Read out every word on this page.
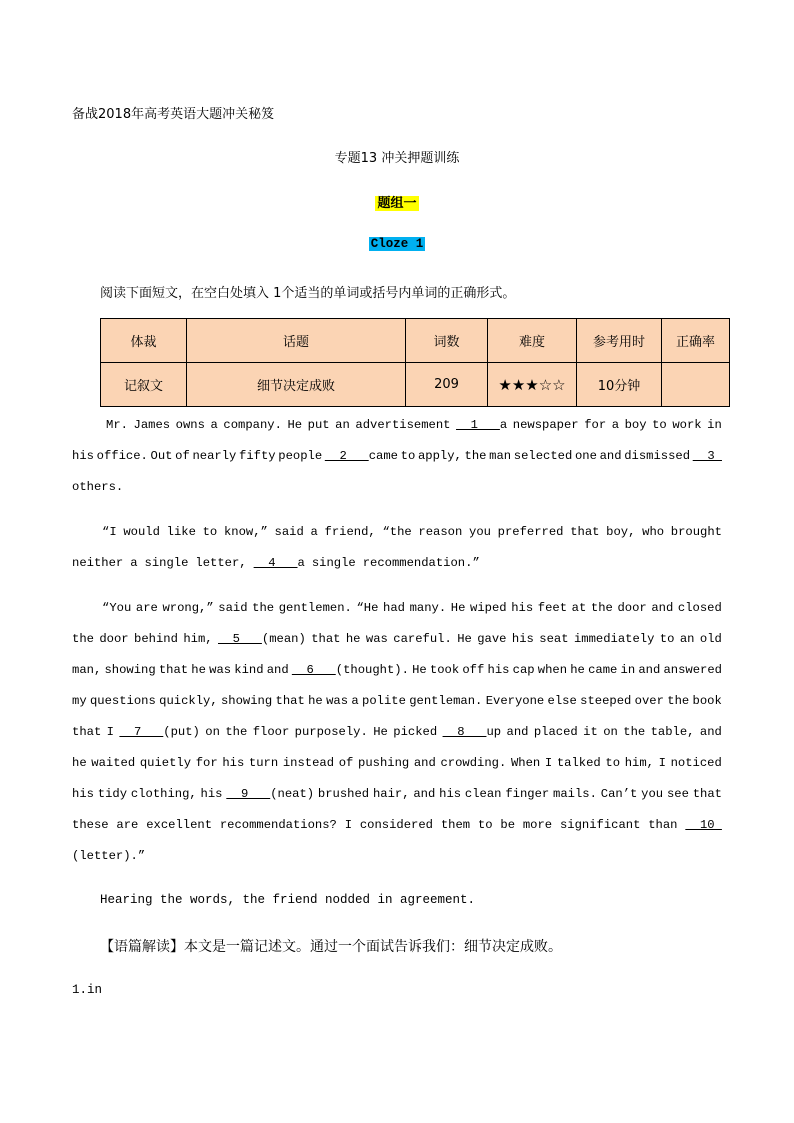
备战2018年高考英语大题冲关秘笈
专题13 冲关押题训练
题组一
Cloze 1
阅读下面短文，在空白处填入 1个适当的单词或括号内单词的正确形式。
体裁	话题	词数	难度	参考用时	正确率
记叙文	细节决定成败	209	★★★☆☆	10分钟	
Mr. James owns a company. He put an advertisement 1   a newspaper for a boy to work in
his office. Out of nearly fifty people 2   came to apply, the man selected one and dismissed 3
others.
“I would like to know,” said a friend, “the reason you preferred that boy, who brought
neither a single letter, 4   a single recommendation.”
“You are wrong,” said the gentlemen. “He had many. He wiped his feet at the door and closed
the door behind him, 5   (mean) that he was careful. He gave his seat immediately to an old
man, showing that he was kind and 6   (thought). He took off his cap when he came in and answered
my questions quickly, showing that he was a polite gentleman. Everyone else steeped over the book
that I 7   (put) on the floor purposely. He picked 8   up and placed it on the table, and
he waited quietly for his turn instead of pushing and crowding. When I talked to him, I noticed
his tidy clothing, his 9   (neat) brushed hair, and his clean finger mails. Can’t you see that
these are excellent recommendations? I considered them to be more significant than 10
(letter).”
Hearing the words, the friend nodded in agreement.
【语篇解读】本文是一篇记述文。通过一个面试告诉我们：细节决定成败。
1.in
